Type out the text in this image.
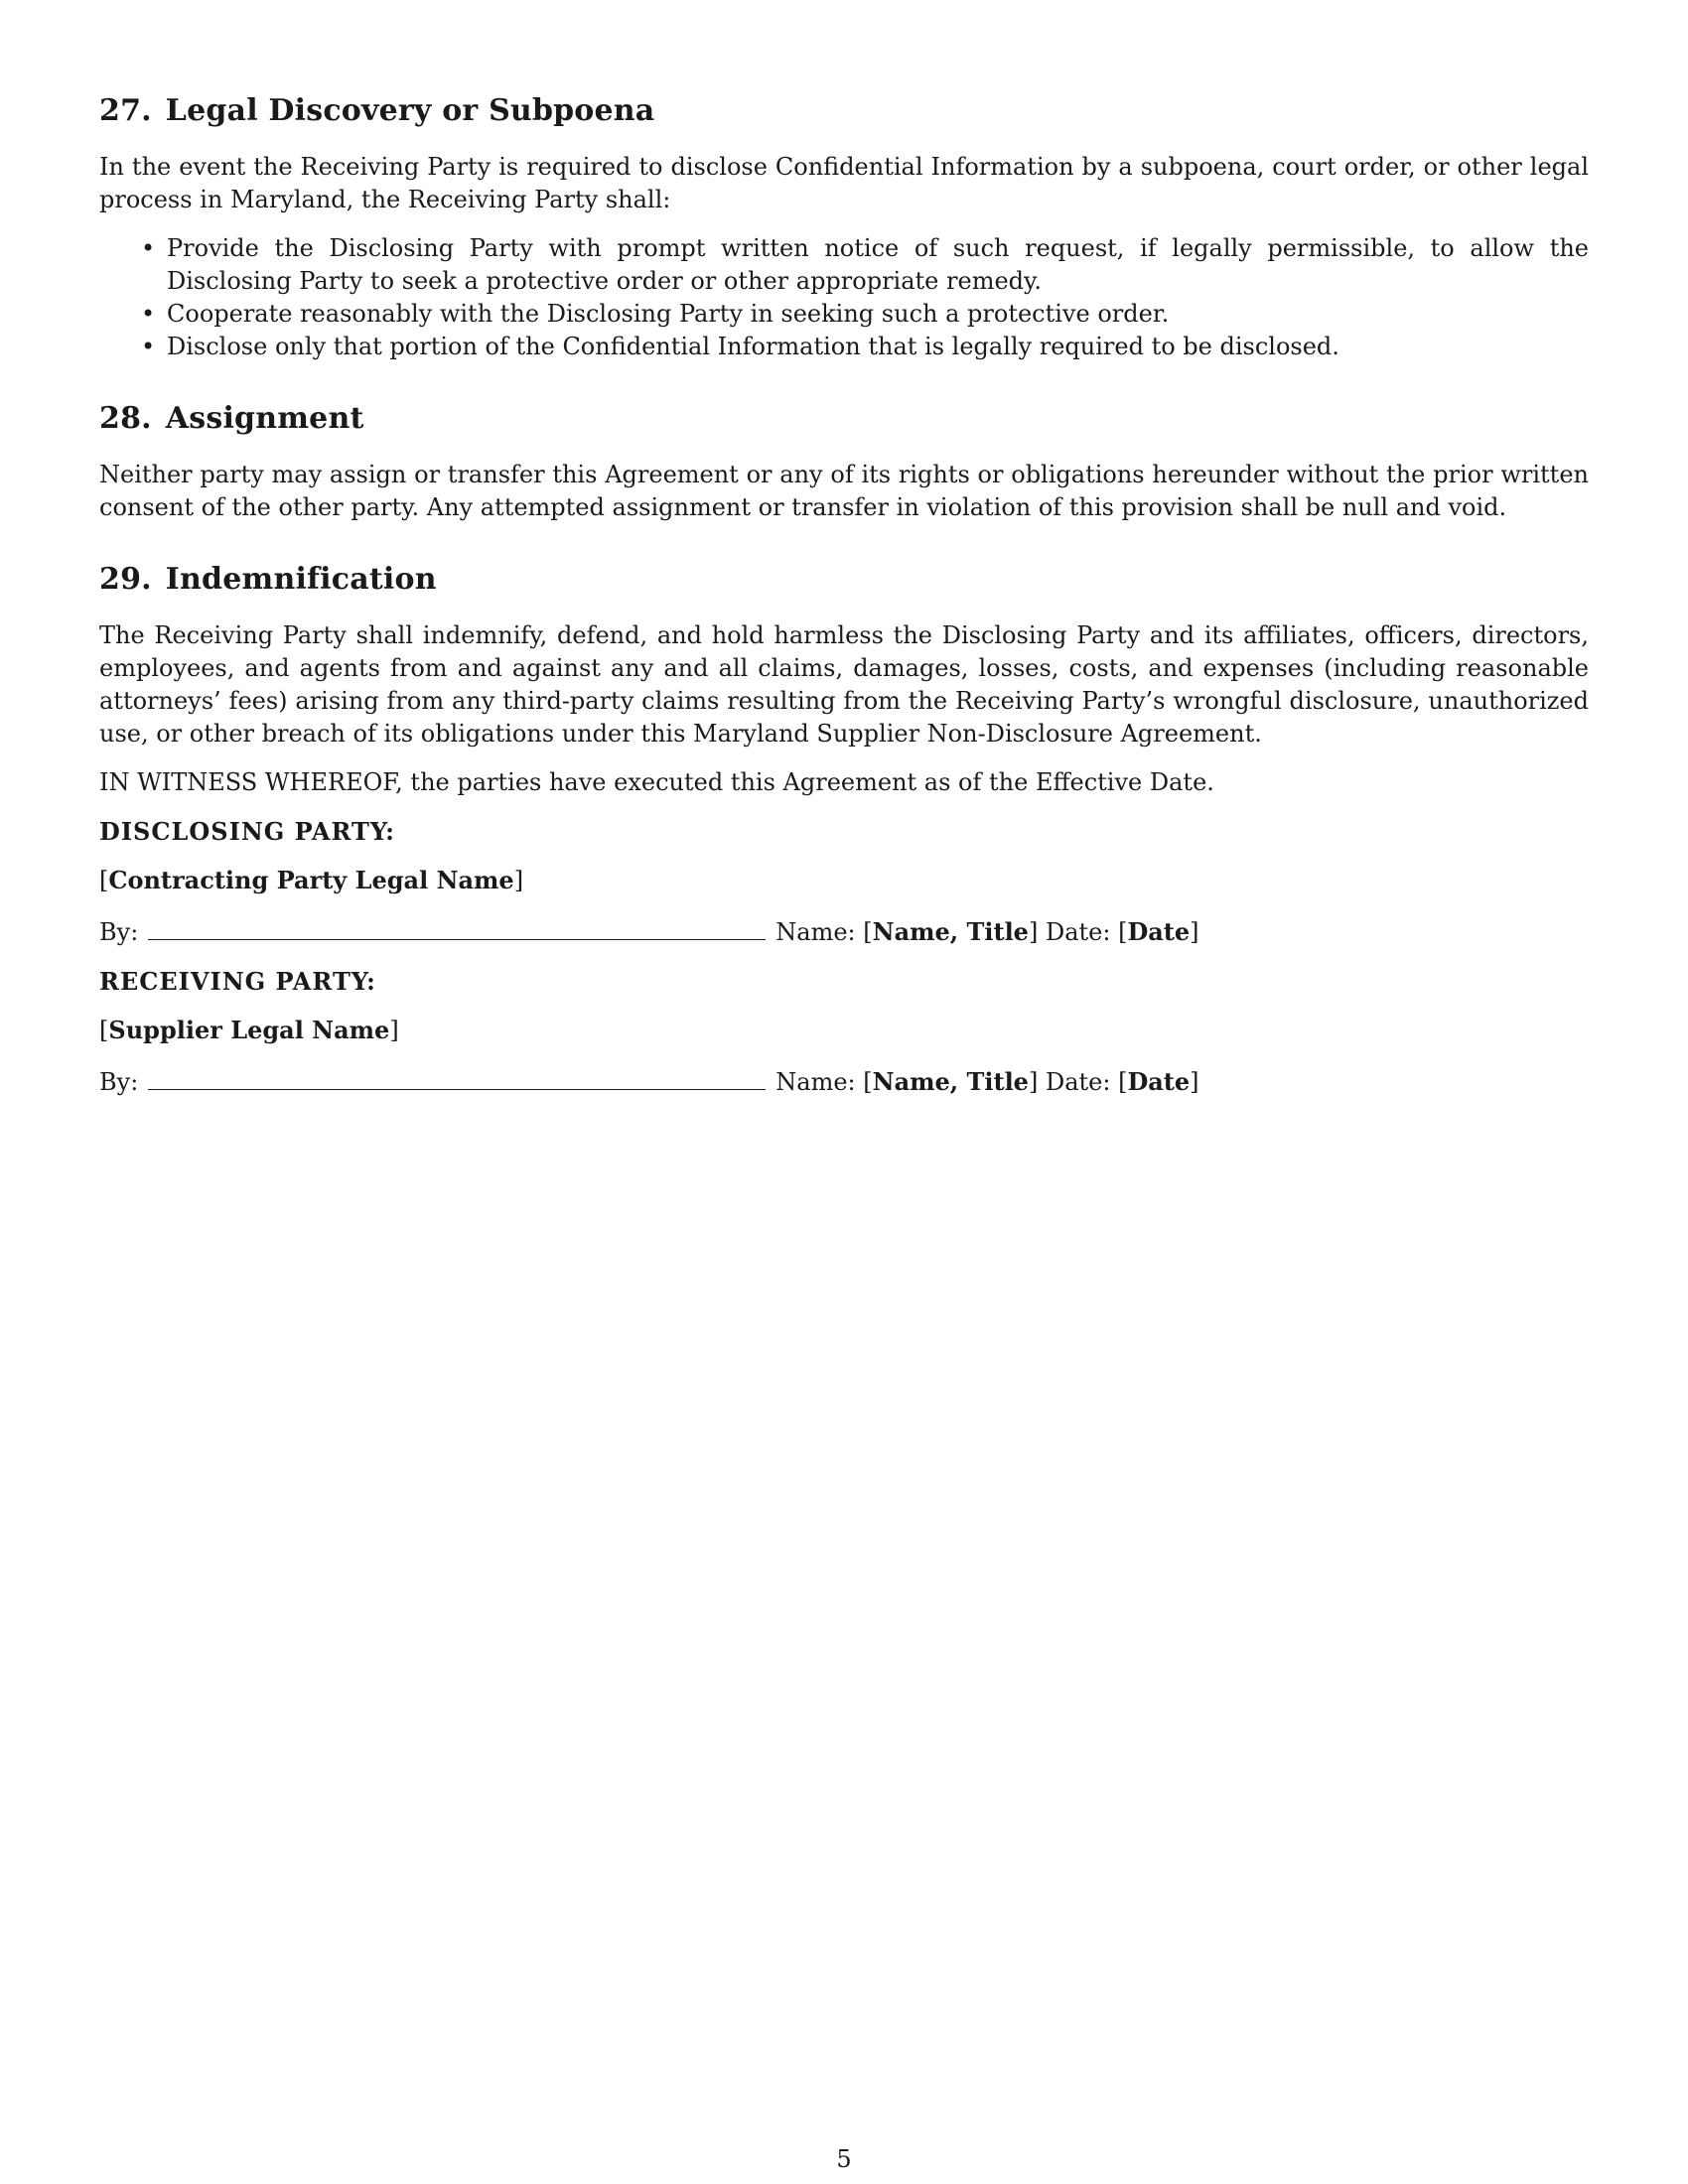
27. Legal Discovery or Subpoena

In the event the Receiving Party is required to disclose Confidential Information by a subpoena, court order, or other legal process in Maryland, the Receiving Party shall:

• Provide the Disclosing Party with prompt written notice of such request, if legally permissible, to allow the Disclosing Party to seek a protective order or other appropriate remedy.
• Cooperate reasonably with the Disclosing Party in seeking such a protective order.
• Disclose only that portion of the Confidential Information that is legally required to be disclosed.
28. Assignment

Neither party may assign or transfer this Agreement or any of its rights or obligations hereunder without the prior written consent of the other party. Any attempted assignment or transfer in violation of this provision shall be null and void.

29. Indemnification

The Receiving Party shall indemnify, defend, and hold harmless the Disclosing Party and its affiliates, officers, directors, employees, and agents from and against any and all claims, damages, losses, costs, and expenses (including reasonable attorneys’ fees) arising from any third-party claims resulting from the Receiving Party’s wrongful disclosure, unauthorized use, or other breach of its obligations under this Maryland Supplier Non-Disclosure Agreement.

IN WITNESS WHEREOF, the parties have executed this Agreement as of the Effective Date.

DISCLOSING PARTY:
[Contracting Party Legal Name]
By:	Name: [Name, Title] Date: [Date]
RECEIVING PARTY:
[Supplier Legal Name]
By:	Name: [Name, Title] Date: [Date]
5
